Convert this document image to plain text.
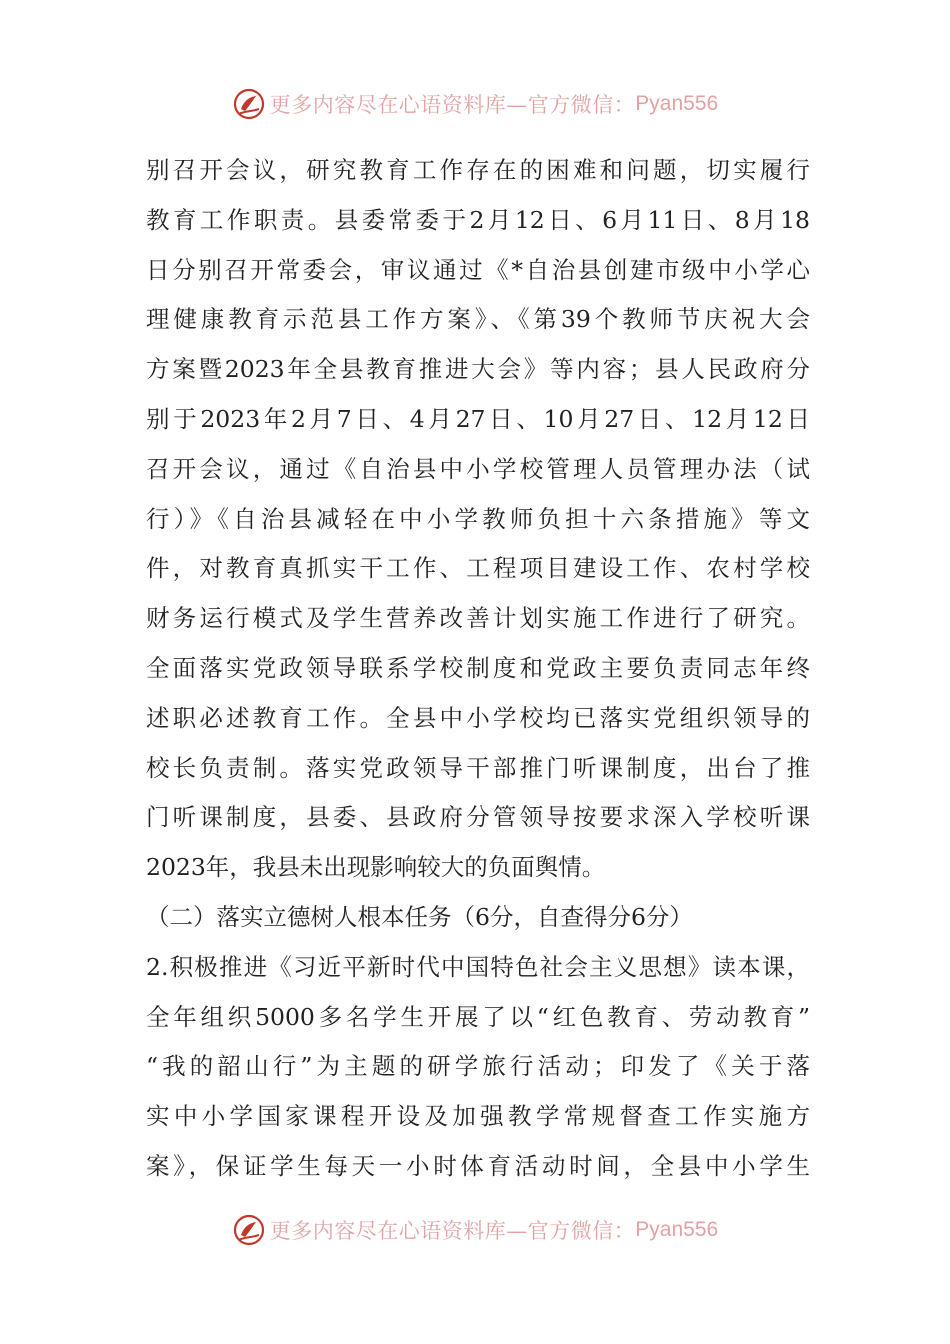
更多内容尽在心语资料库—官方微信： Pyan556
别召开会议，研究教育工作存在的困难和问题，切实履行
教育工作职责。县委常委于2月12日、6月11日、8月18
日分别召开常委会，审议通过《*自治县创建市级中小学心
理健康教育示范县工作方案》、《第39个教师节庆祝大会
方案暨2023年全县教育推进大会》等内容；县人民政府分
别于2023年2月7日、4月27日、10月27日、12月12日
召开会议，通过《自治县中小学校管理人员管理办法（试
行）》《自治县减轻在中小学教师负担十六条措施》等文
件，对教育真抓实干工作、工程项目建设工作、农村学校
财务运行模式及学生营养改善计划实施工作进行了研究。
全面落实党政领导联系学校制度和党政主要负责同志年终
述职必述教育工作。全县中小学校均已落实党组织领导的
校长负责制。落实党政领导干部推门听课制度，出台了推
门听课制度，县委、县政府分管领导按要求深入学校听课
2023年，我县未出现影响较大的负面舆情。
（二）落实立德树人根本任务（6分，自查得分6分）
2.积极推进《习近平新时代中国特色社会主义思想》读本课，
全年组织5000多名学生开展了以“红色教育、劳动教育”
“我的韶山行”为主题的研学旅行活动；印发了《关于落
实中小学国家课程开设及加强教学常规督查工作实施方
案》，保证学生每天一小时体育活动时间，全县中小学生
更多内容尽在心语资料库—官方微信： Pyan556
